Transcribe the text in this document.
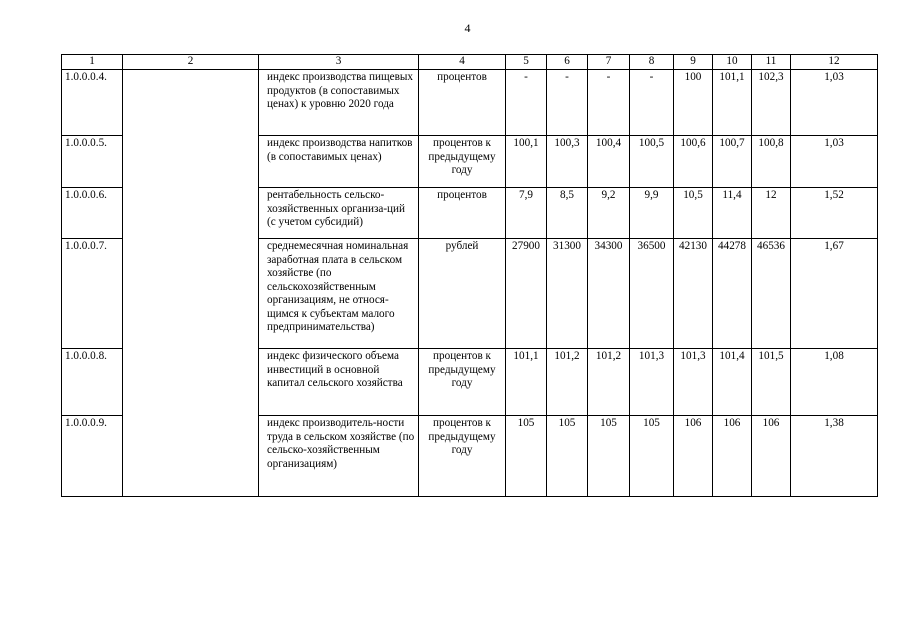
4
1	2	3	4	5	6	7	8	9	10	11	12
1.0.0.0.4.		индекс производства пищевых продуктов (в сопоставимых ценах) к уровню 2020 года	процентов	-	-	-	-	100	101,1	102,3	1,03
1.0.0.0.5.		индекс производства напитков (в сопоставимых ценах)	процентов к предыдущему году	100,1	100,3	100,4	100,5	100,6	100,7	100,8	1,03
1.0.0.0.6.		рентабельность сельско-хозяйственных организа-ций (с учетом субсидий)	процентов	7,9	8,5	9,2	9,9	10,5	11,4	12	1,52
1.0.0.0.7.		среднемесячная номинальная заработная плата в сельском хозяйстве (по сельскохозяйственным организациям, не относя-щимся к субъектам малого предпринимательства)	рублей	27900	31300	34300	36500	42130	44278	46536	1,67
1.0.0.0.8.		индекс физического объема инвестиций в основной капитал сельского хозяйства	процентов к предыдущему году	101,1	101,2	101,2	101,3	101,3	101,4	101,5	1,08
1.0.0.0.9.		индекс производитель-ности труда в сельском хозяйстве (по сельско-хозяйственным организациям)	процентов к предыдущему году	105	105	105	105	106	106	106	1,38
